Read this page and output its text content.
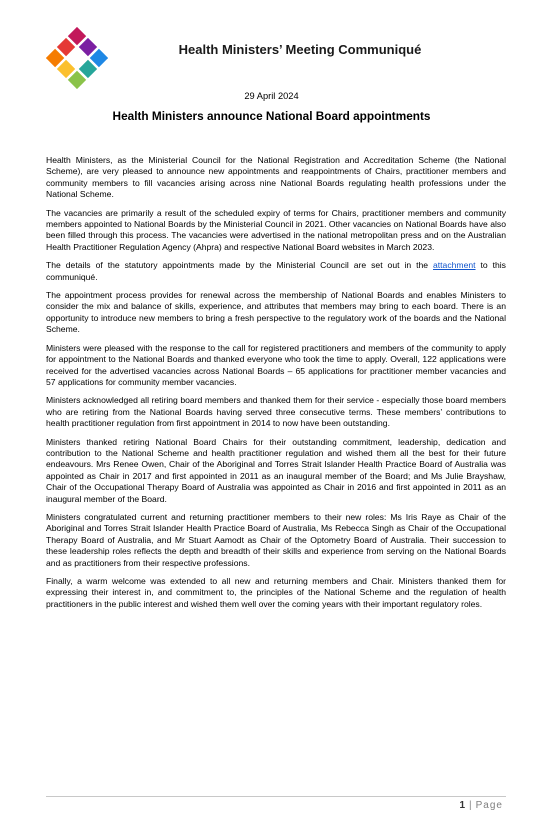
Health Ministers’ Meeting Communiqué
29 April 2024
Health Ministers announce National Board appointments

Health Ministers, as the Ministerial Council for the National Registration and Accreditation Scheme (the National Scheme), are very pleased to announce new appointments and reappointments of Chairs, practitioner members and community members to fill vacancies arising across nine National Boards regulating health professions under the National Scheme.

The vacancies are primarily a result of the scheduled expiry of terms for Chairs, practitioner members and community members appointed to National Boards by the Ministerial Council in 2021. Other vacancies on National Boards have also been filled through this process. The vacancies were advertised in the national metropolitan press and on the Australian Health Practitioner Regulation Agency (Ahpra) and respective National Board websites in March 2023.

The details of the statutory appointments made by the Ministerial Council are set out in the attachment to this communiqué.

The appointment process provides for renewal across the membership of National Boards and enables Ministers to consider the mix and balance of skills, experience, and attributes that members may bring to each board. There is an opportunity to introduce new members to bring a fresh perspective to the regulatory work of the boards and the National Scheme.

Ministers were pleased with the response to the call for registered practitioners and members of the community to apply for appointment to the National Boards and thanked everyone who took the time to apply. Overall, 122 applications were received for the advertised vacancies across National Boards – 65 applications for practitioner member vacancies and 57 applications for community member vacancies.

Ministers acknowledged all retiring board members and thanked them for their service - especially those board members who are retiring from the National Boards having served three consecutive terms. These members’ contributions to health practitioner regulation from first appointment in 2014 to now have been outstanding.

Ministers thanked retiring National Board Chairs for their outstanding commitment, leadership, dedication and contribution to the National Scheme and health practitioner regulation and wished them all the best for their future endeavours. Mrs Renee Owen, Chair of the Aboriginal and Torres Strait Islander Health Practice Board of Australia was appointed as Chair in 2017 and first appointed in 2011 as an inaugural member of the Board; and Ms Julie Brayshaw, Chair of the Occupational Therapy Board of Australia was appointed as Chair in 2016 and first appointed in 2011 as an inaugural member of the Board.

Ministers congratulated current and returning practitioner members to their new roles: Ms Iris Raye as Chair of the Aboriginal and Torres Strait Islander Health Practice Board of Australia, Ms Rebecca Singh as Chair of the Occupational Therapy Board of Australia, and Mr Stuart Aamodt as Chair of the Optometry Board of Australia. Their succession to these leadership roles reflects the depth and breadth of their skills and experience from serving on the National Boards and as practitioners from their respective professions.

Finally, a warm welcome was extended to all new and returning members and Chair. Ministers thanked them for expressing their interest in, and commitment to, the principles of the National Scheme and the regulation of health practitioners in the public interest and wished them well over the coming years with their important regulatory roles.

1 | Page
